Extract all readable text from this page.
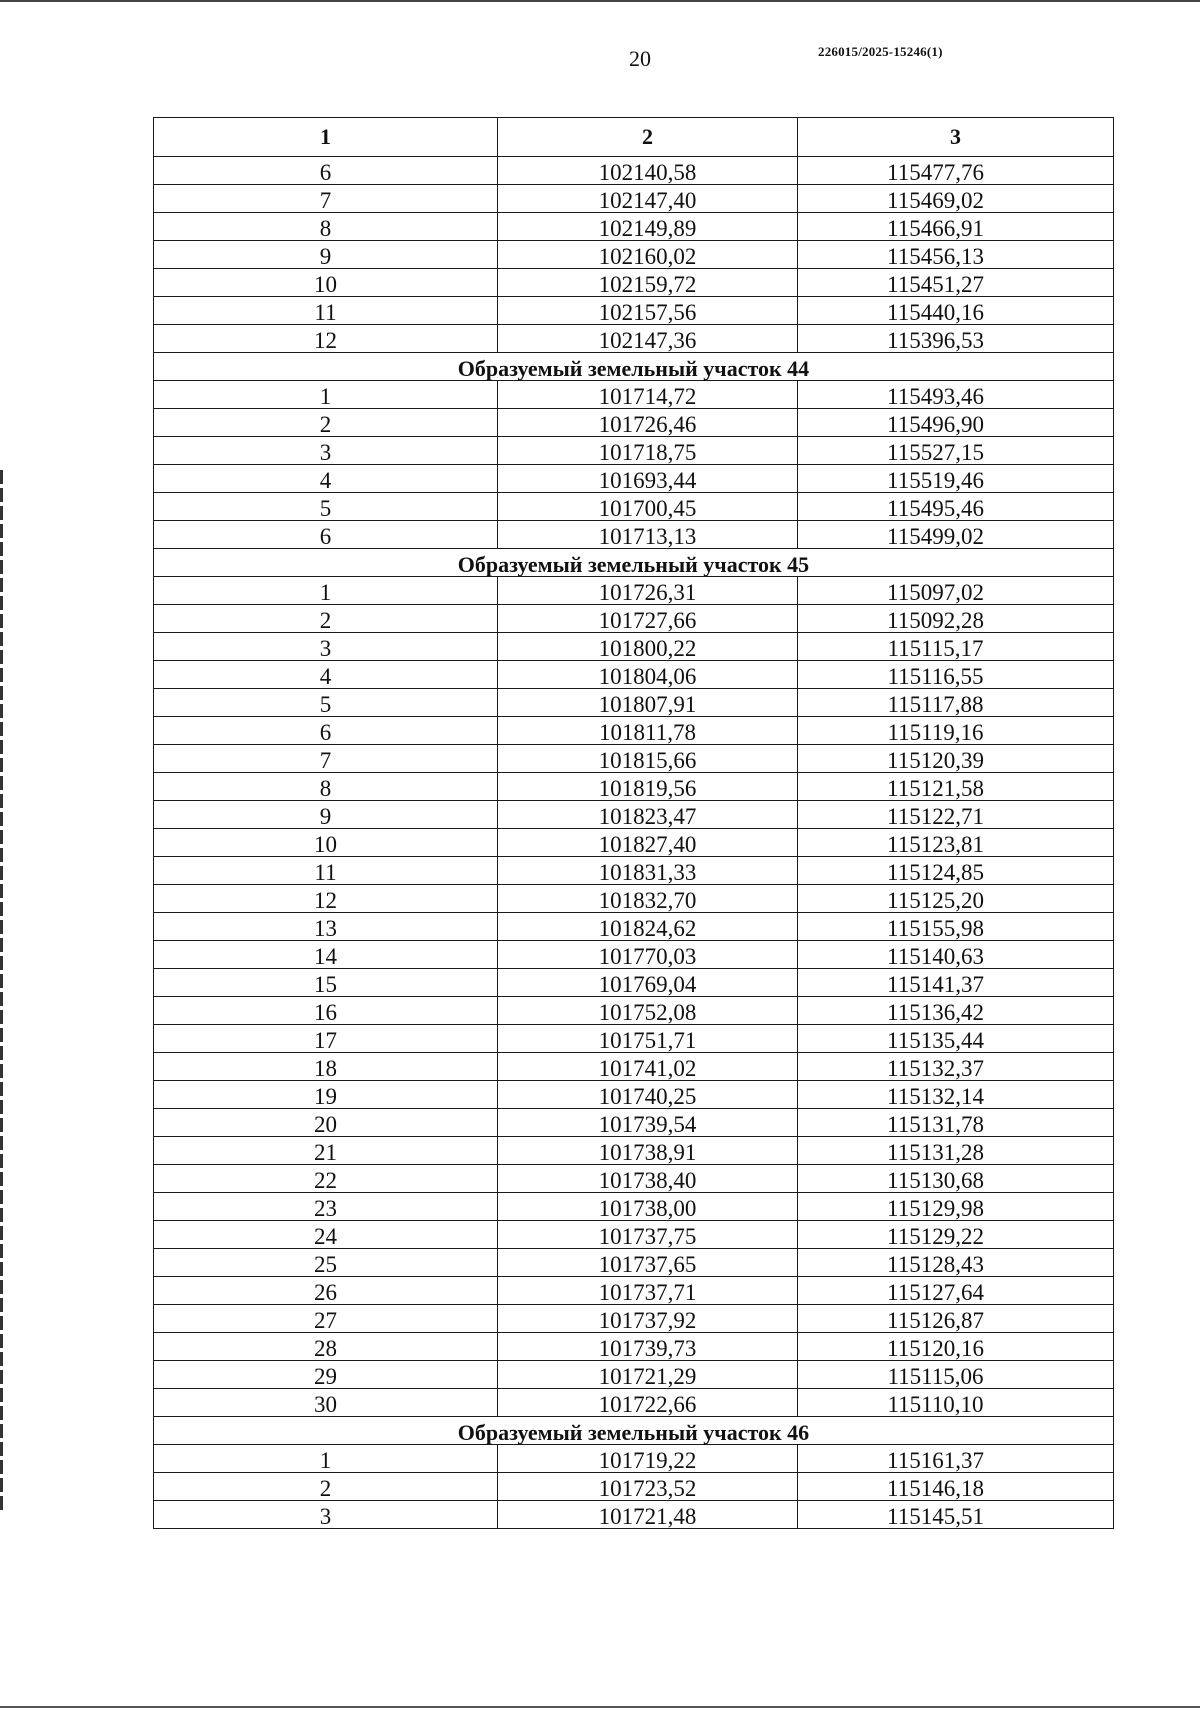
20	226015/2025-15246(1)
1	2	3
6	102140,58	115477,76
7	102147,40	115469,02
8	102149,89	115466,91
9	102160,02	115456,13
10	102159,72	115451,27
11	102157,56	115440,16
12	102147,36	115396,53
Образуемый земельный участок 44		
1	101714,72	115493,46
2	101726,46	115496,90
3	101718,75	115527,15
4	101693,44	115519,46
5	101700,45	115495,46
6	101713,13	115499,02
Образуемый земельный участок 45		
1	101726,31	115097,02
2	101727,66	115092,28
3	101800,22	115115,17
4	101804,06	115116,55
5	101807,91	115117,88
6	101811,78	115119,16
7	101815,66	115120,39
8	101819,56	115121,58
9	101823,47	115122,71
10	101827,40	115123,81
11	101831,33	115124,85
12	101832,70	115125,20
13	101824,62	115155,98
14	101770,03	115140,63
15	101769,04	115141,37
16	101752,08	115136,42
17	101751,71	115135,44
18	101741,02	115132,37
19	101740,25	115132,14
20	101739,54	115131,78
21	101738,91	115131,28
22	101738,40	115130,68
23	101738,00	115129,98
24	101737,75	115129,22
25	101737,65	115128,43
26	101737,71	115127,64
27	101737,92	115126,87
28	101739,73	115120,16
29	101721,29	115115,06
30	101722,66	115110,10
Образуемый земельный участок 46		
1	101719,22	115161,37
2	101723,52	115146,18
3	101721,48	115145,51
